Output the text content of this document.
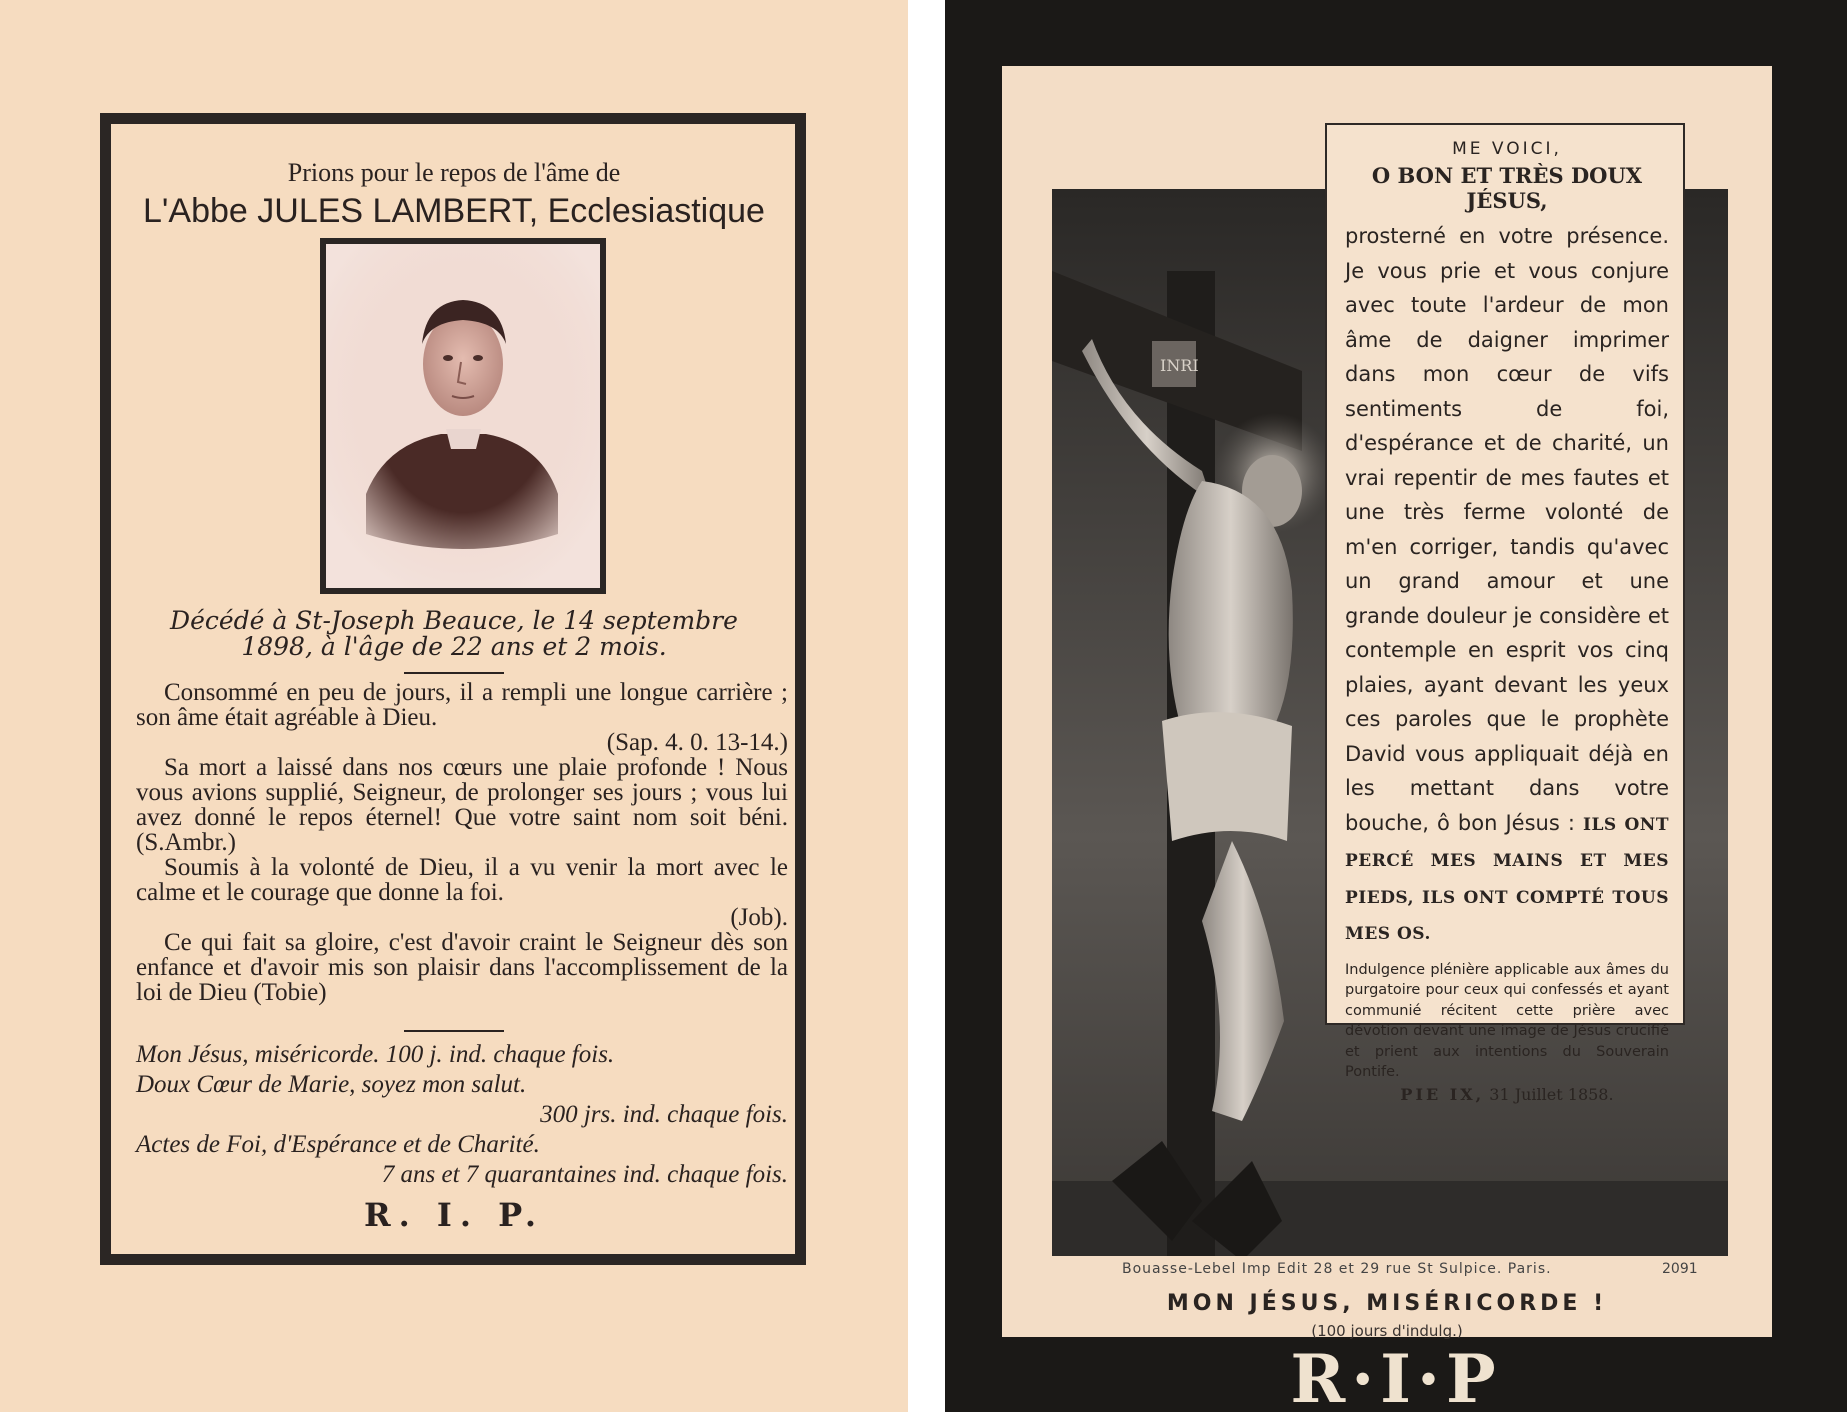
Prions pour le repos de l'âme de
L'Abbe JULES LAMBERT, Ecclesiastique
Décédé à St-Joseph Beauce, le 14 septembre
1898, à l'âge de 22 ans et 2 mois.

Consommé en peu de jours, il a rempli une longue carrière ; son âme était agréable à Dieu.

(Sap. 4. 0. 13-14.)

Sa mort a laissé dans nos cœurs une plaie profonde ! Nous vous avions supplié, Seigneur, de prolonger ses jours ; vous lui avez donné le repos éternel! Que votre saint nom soit béni. (S.Ambr.)

Soumis à la volonté de Dieu, il a vu venir la mort avec le calme et le courage que donne la foi.

(Job).

Ce qui fait sa gloire, c'est d'avoir craint le Seigneur dès son enfance et d'avoir mis son plaisir dans l'accomplissement de la loi de Dieu (Tobie)

Mon Jésus, miséricorde. 100 j. ind. chaque fois.

Doux Cœur de Marie, soyez mon salut.

300 jrs. ind. chaque fois.

Actes de Foi, d'Espérance et de Charité.

7 ans et 7 quarantaines ind. chaque fois.

R. I. P.
INRI
ME VOICI,
O BON ET TRÈS DOUX JÉSUS,
prosterné en votre présence. Je vous prie et vous conjure avec toute l'ardeur de mon âme de daigner imprimer dans mon cœur de vifs sentiments de foi, d'espérance et de charité, un vrai repentir de mes fautes et une très ferme volonté de m'en corriger, tandis qu'avec un grand amour et une grande douleur je considère et contemple en esprit vos cinq plaies, ayant devant les yeux ces paroles que le prophète David vous appliquait déjà en les mettant dans votre bouche, ô bon Jésus : ILS ONT PERCÉ MES MAINS ET MES PIEDS, ILS ONT COMPTÉ TOUS MES OS.
Indulgence plénière applicable aux âmes du purgatoire pour ceux qui confessés et ayant communié récitent cette prière avec dévotion devant une image de Jésus crucifié et prient aux intentions du Souverain Pontife.
PIE IX, 31 Juillet 1858.
Bouasse-Lebel Imp Edit 28 et 29 rue St Sulpice. Paris.	2091
MON JÉSUS, MISÉRICORDE !
(100 jours d'indulg.)
R·I·P
